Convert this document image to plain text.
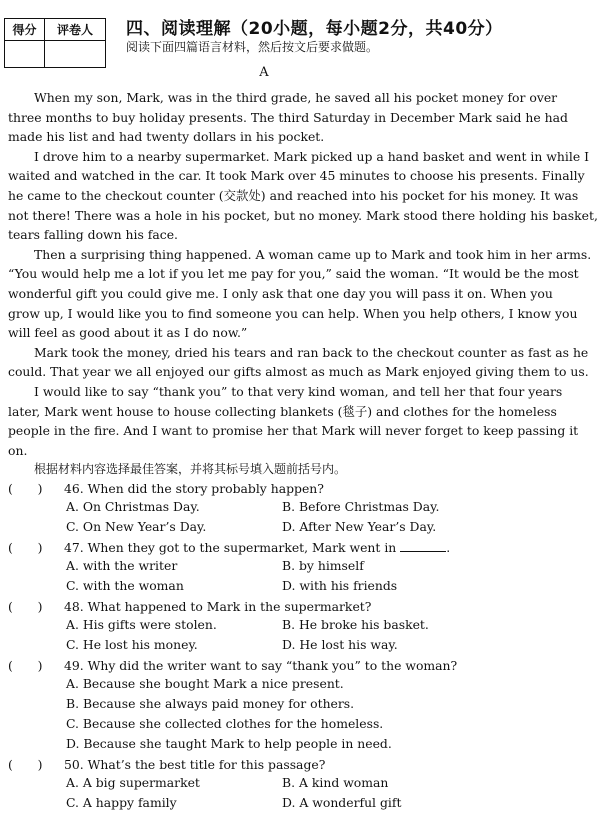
得分	评卷人	四、阅读理解（20小题，每小题2分，共40分）
阅读下面四篇语言材料，然后按文后要求做题。
A
When my son, Mark, was in the third grade, he saved all his pocket money for over
three months to buy holiday presents. The third Saturday in December Mark said he had
made his list and had twenty dollars in his pocket.
I drove him to a nearby supermarket. Mark picked up a hand basket and went in while I
waited and watched in the car. It took Mark over 45 minutes to choose his presents. Finally
he came to the checkout counter (交款处) and reached into his pocket for his money. It was
not there! There was a hole in his pocket, but no money. Mark stood there holding his basket,
tears falling down his face.
Then a surprising thing happened. A woman came up to Mark and took him in her arms.
“You would help me a lot if you let me pay for you,” said the woman. “It would be the most
wonderful gift you could give me. I only ask that one day you will pass it on. When you
grow up, I would like you to find someone you can help. When you help others, I know you
will feel as good about it as I do now.”
Mark took the money, dried his tears and ran back to the checkout counter as fast as he
could. That year we all enjoyed our gifts almost as much as Mark enjoyed giving them to us.
I would like to say “thank you” to that very kind woman, and tell her that four years
later, Mark went house to house collecting blankets (毯子) and clothes for the homeless
people in the fire. And I want to promise her that Mark will never forget to keep passing it
on.
根据材料内容选择最佳答案，并将其标号填入题前括号内。
(　　) 46. When did the story probably happen?
A. On Christmas Day.	B. Before Christmas Day.
C. On New Year’s Day.	D. After New Year’s Day.
(　　) 47. When they got to the supermarket, Mark went in	.
A. with the writer	B. by himself
C. with the woman	D. with his friends
(　　) 48. What happened to Mark in the supermarket?
A. His gifts were stolen.	B. He broke his basket.
C. He lost his money.	D. He lost his way.
(　　) 49. Why did the writer want to say “thank you” to the woman?
A. Because she bought Mark a nice present.
B. Because she always paid money for others.
C. Because she collected clothes for the homeless.
D. Because she taught Mark to help people in need.
(　　) 50. What’s the best title for this passage?
A. A big supermarket	B. A kind woman
C. A happy family	D. A wonderful gift
